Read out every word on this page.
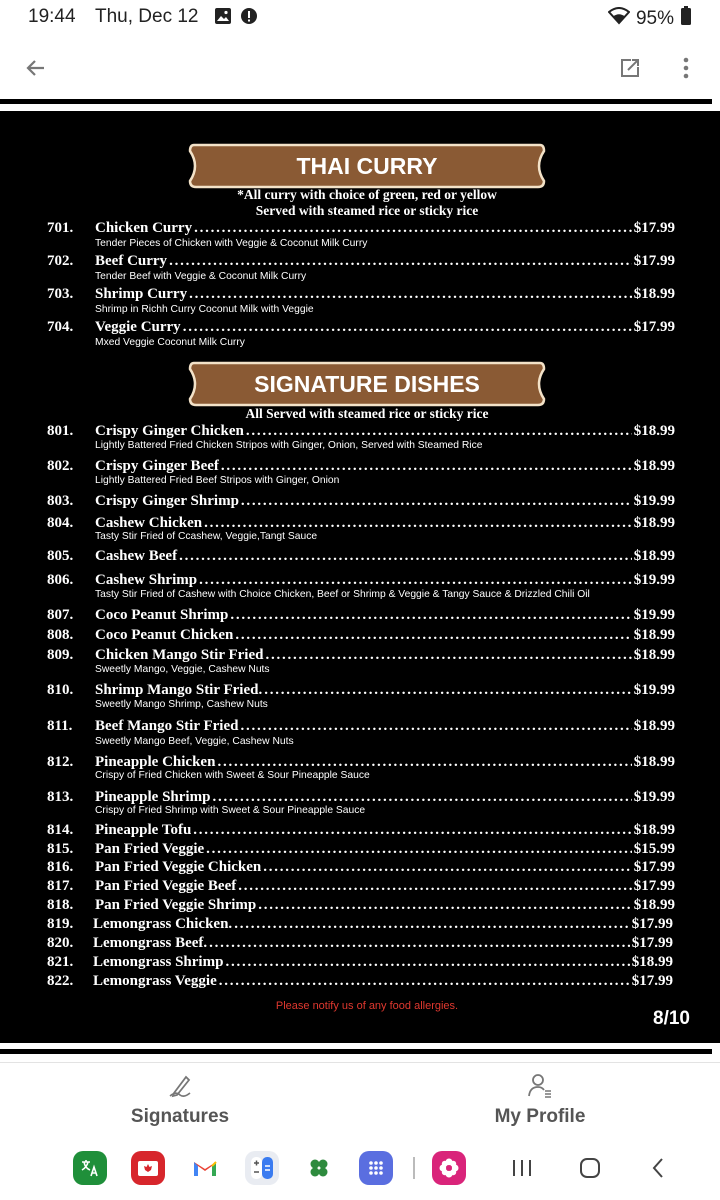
19:44 Thu, Dec 12	95%
THAI CURRY
*All curry with choice of green, red or yellow
Served with steamed rice or sticky rice
701. Chicken Curry . . .	$17.99
Tender Pieces of Chicken with Veggie & Coconut Milk Curry
702. Beef Curry . . .	$17.99
Tender Beef with Veggie & Coconut Milk Curry
703. Shrimp Curry . . .	$18.99
Shrimp in Richh Curry Coconut Milk with Veggie
704. Veggie Curry . . .	$17.99
Mxed Veggie Coconut Milk Curry
SIGNATURE DISHES
All Served with steamed rice or sticky rice
801. Crispy Ginger Chicken . . .	$18.99
Lightly Battered Fried Chicken Stripos with Ginger, Onion, Served with Steamed Rice
802. Crispy Ginger Beef . . .	$18.99
Lightly Battered Fried Beef Stripos with Ginger, Onion
803. Crispy Ginger Shrimp . . .	$19.99
804. Cashew Chicken . . .	$18.99
Tasty Stir Fried of Ccashew, Veggie,Tangt Sauce
805. Cashew Beef . . .	$18.99
806. Cashew Shrimp . . .	$19.99
Tasty Stir Fried of Cashew with Choice Chicken, Beef or Shrimp & Veggie & Tangy Sauce & Drizzled Chili Oil
807. Coco Peanut Shrimp . . .	$19.99
808. Coco Peanut Chicken . . .	$18.99
809. Chicken Mango Stir Fried . . .	$18.99
Sweetly Mango, Veggie, Cashew Nuts
810. Shrimp Mango Stir Fried. . . .	$19.99
Sweetly Mango Shrimp, Cashew Nuts
811. Beef Mango Stir Fried . . .	$18.99
Sweetly Mango Beef, Veggie, Cashew Nuts
812. Pineapple Chicken . . .	$18.99
Crispy of Fried Chicken with Sweet & Sour Pineapple Sauce
813. Pineapple Shrimp . . .	$19.99
Crispy of Fried Shrimp with Sweet & Sour Pineapple Sauce
814. Pineapple Tofu . . .	$18.99
815. Pan Fried Veggie . . .	$15.99
816. Pan Fried Veggie Chicken . . .	$17.99
817. Pan Fried Veggie Beef . . .	$17.99
818. Pan Fried Veggie Shrimp . . .	$18.99
819. Lemongrass Chicken. . . .	$17.99
820. Lemongrass Beef. . . .	$17.99
821. Lemongrass Shrimp . . .	$18.99
822. Lemongrass Veggie . . .	$17.99
Please notify us of any food allergies.
8/10
Signatures	My Profile
